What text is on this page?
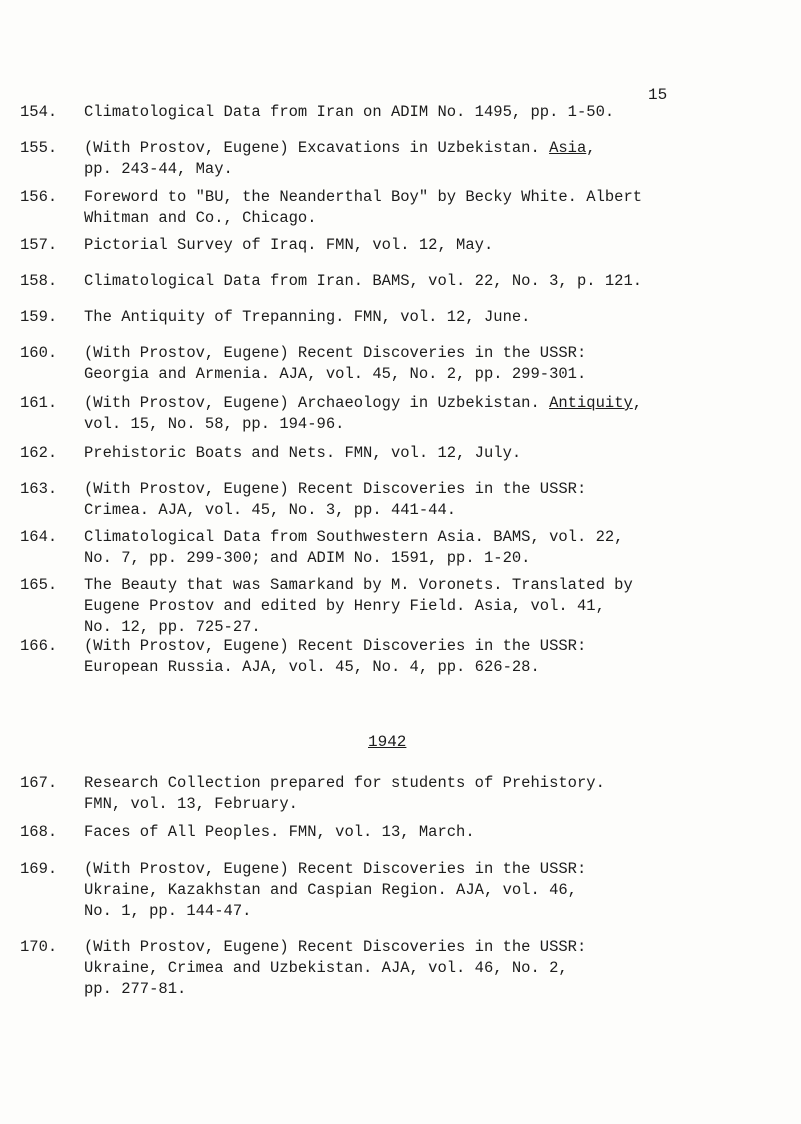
15
154.	Climatological Data from Iran on ADIM No. 1495, pp. 1-50.
155.	(With Prostov, Eugene) Excavations in Uzbekistan. Asia,
pp. 243-44, May.
156.	Foreword to "BU, the Neanderthal Boy" by Becky White. Albert
Whitman and Co., Chicago.
157.	Pictorial Survey of Iraq. FMN, vol. 12, May.
158.	Climatological Data from Iran. BAMS, vol. 22, No. 3, p. 121.
159.	The Antiquity of Trepanning. FMN, vol. 12, June.
160.	(With Prostov, Eugene) Recent Discoveries in the USSR:
Georgia and Armenia. AJA, vol. 45, No. 2, pp. 299-301.
161.	(With Prostov, Eugene) Archaeology in Uzbekistan. Antiquity,
vol. 15, No. 58, pp. 194-96.
162.	Prehistoric Boats and Nets. FMN, vol. 12, July.
163.	(With Prostov, Eugene) Recent Discoveries in the USSR:
Crimea. AJA, vol. 45, No. 3, pp. 441-44.
164.	Climatological Data from Southwestern Asia. BAMS, vol. 22,
No. 7, pp. 299-300; and ADIM No. 1591, pp. 1-20.
165.	The Beauty that was Samarkand by M. Voronets. Translated by
Eugene Prostov and edited by Henry Field. Asia, vol. 41,
No. 12, pp. 725-27.
166.	(With Prostov, Eugene) Recent Discoveries in the USSR:
European Russia. AJA, vol. 45, No. 4, pp. 626-28.
1942
167.	Research Collection prepared for students of Prehistory.
FMN, vol. 13, February.
168.	Faces of All Peoples. FMN, vol. 13, March.
169.	(With Prostov, Eugene) Recent Discoveries in the USSR:
Ukraine, Kazakhstan and Caspian Region. AJA, vol. 46,
No. 1, pp. 144-47.
170.	(With Prostov, Eugene) Recent Discoveries in the USSR:
Ukraine, Crimea and Uzbekistan. AJA, vol. 46, No. 2,
pp. 277-81.
